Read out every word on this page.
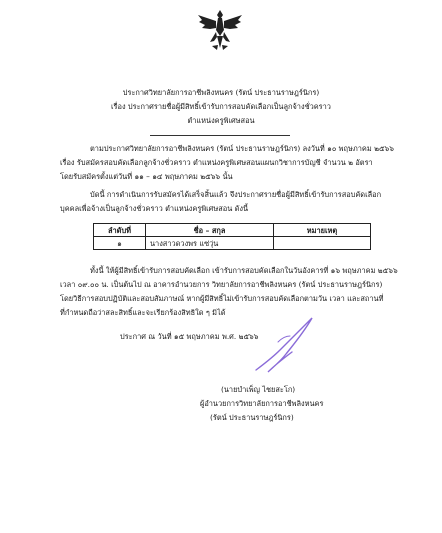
ประกาศวิทยาลัยการอาชีพลิงหนคร (รัตน์ ประธานราษฎร์นิกร)
เรื่อง ประกาศรายชื่อผู้มีสิทธิ์เข้ารับการสอบคัดเลือกเป็นลูกจ้างชั่วคราว
ตำแหน่งครูพิเศษสอน
ตามประกาศวิทยาลัยการอาชีพลิงหนคร (รัตน์ ประธานราษฎร์นิกร) ลงวันที่ ๑๐ พฤษภาคม ๒๕๖๖
เรื่อง รับสมัครสอบคัดเลือกลูกจ้างชั่วคราว ตำแหน่งครูพิเศษสอนแผนกวิชาการบัญชี จำนวน ๒ อัตรา
โดยรับสมัครตั้งแต่วันที่ ๑๑ – ๑๔ พฤษภาคม ๒๕๖๖ นั้น
บัดนี้ การดำเนินการรับสมัครได้เสร็จสิ้นแล้ว จึงประกาศรายชื่อผู้มีสิทธิ์เข้ารับการสอบคัดเลือก
บุคคลเพื่อจ้างเป็นลูกจ้างชั่วคราว ตำแหน่งครูพิเศษสอน ดังนี้
ลำดับที่	ชื่อ – สกุล	หมายเหตุ
๑	นางสาวดวงพร แซ่วุ่น	
ทั้งนี้ ให้ผู้มีสิทธิ์เข้ารับการสอบคัดเลือก เข้ารับการสอบคัดเลือกในวันอังคารที่ ๑๖ พฤษภาคม ๒๕๖๖
เวลา ๐๙.๐๐ น. เป็นต้นไป ณ อาคารอำนวยการ วิทยาลัยการอาชีพลิงหนคร (รัตน์ ประธานราษฎร์นิกร)
โดยวิธีการสอบปฏิบัติและสอบสัมภาษณ์ หากผู้มีสิทธิ์ไม่เข้ารับการสอบคัดเลือกตามวัน เวลา และสถานที่
ที่กำหนดถือว่าสละสิทธิ์และจะเรียกร้องสิทธิใด ๆ มิได้
ประกาศ ณ วันที่ ๑๕ พฤษภาคม พ.ศ. ๒๕๖๖
(นายบำเพ็ญ ไชยสะโก)
ผู้อำนวยการวิทยาลัยการอาชีพลิงหนคร
(รัตน์ ประธานราษฎร์นิกร)
